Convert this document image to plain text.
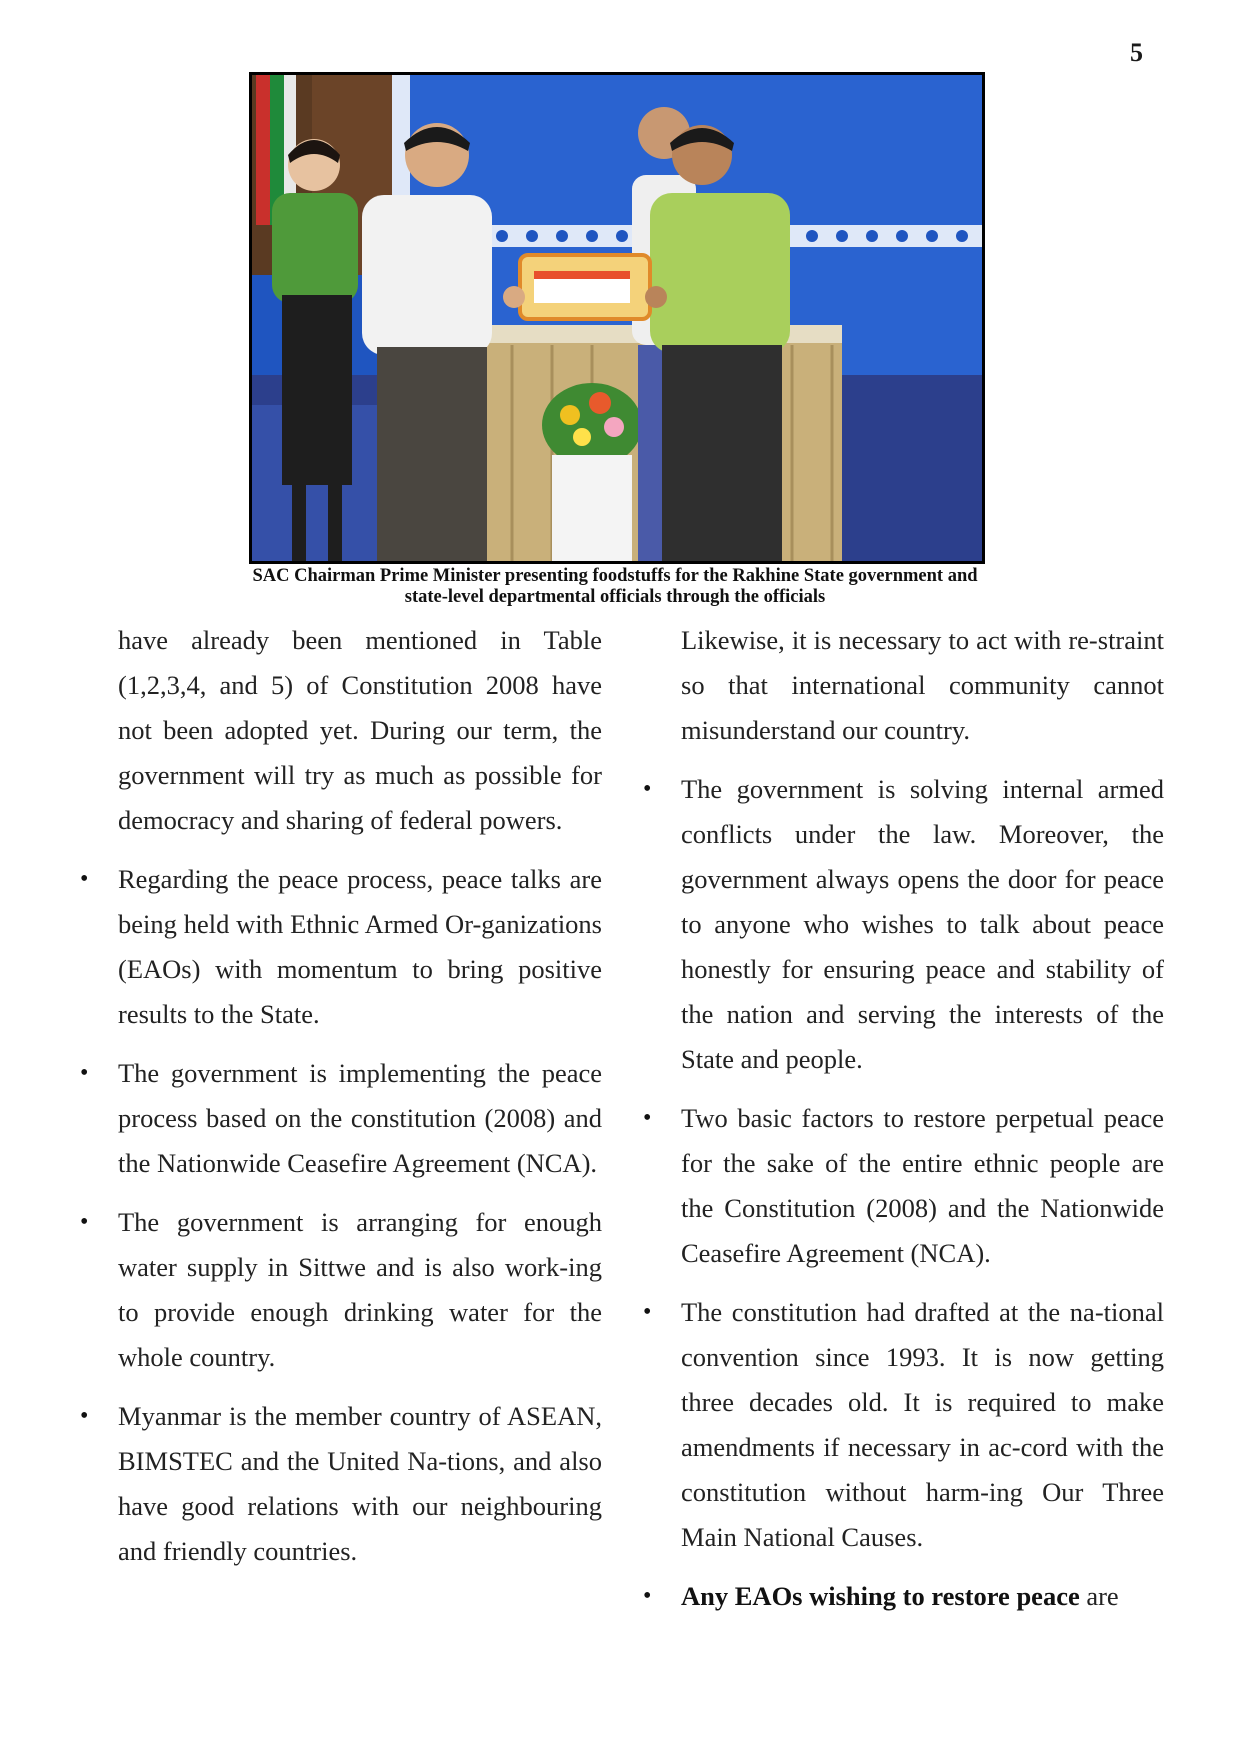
5
SAC Chairman Prime Minister presenting foodstuffs for the Rakhine State government and
state-level departmental officials through the officials

have already been mentioned in Table (1,2,3,4, and 5) of Constitution 2008 have not been adopted yet. During our term, the government will try as much as possible for democracy and sharing of federal powers.

• Regarding the peace process, peace talks are being held with Ethnic Armed Or-ganizations (EAOs) with momentum to bring positive results to the State.
• The government is implementing the peace process based on the constitution (2008) and the Nationwide Ceasefire Agreement (NCA).
• The government is arranging for enough water supply in Sittwe and is also work-ing to provide enough drinking water for the whole country.
• Myanmar is the member country of ASEAN, BIMSTEC and the United Na-tions, and also have good relations with our neighbouring and friendly countries.

Likewise, it is necessary to act with re-straint so that international community cannot misunderstand our country.

• The government is solving internal armed conflicts under the law. Moreover, the government always opens the door for peace to anyone who wishes to talk about peace honestly for ensuring peace and stability of the nation and serving the interests of the State and people.
• Two basic factors to restore perpetual peace for the sake of the entire ethnic people are the Constitution (2008) and the Nationwide Ceasefire Agreement (NCA).
• The constitution had drafted at the na-tional convention since 1993. It is now getting three decades old. It is required to make amendments if necessary in ac-cord with the constitution without harm-ing Our Three Main National Causes.
• Any EAOs wishing to restore peace are
